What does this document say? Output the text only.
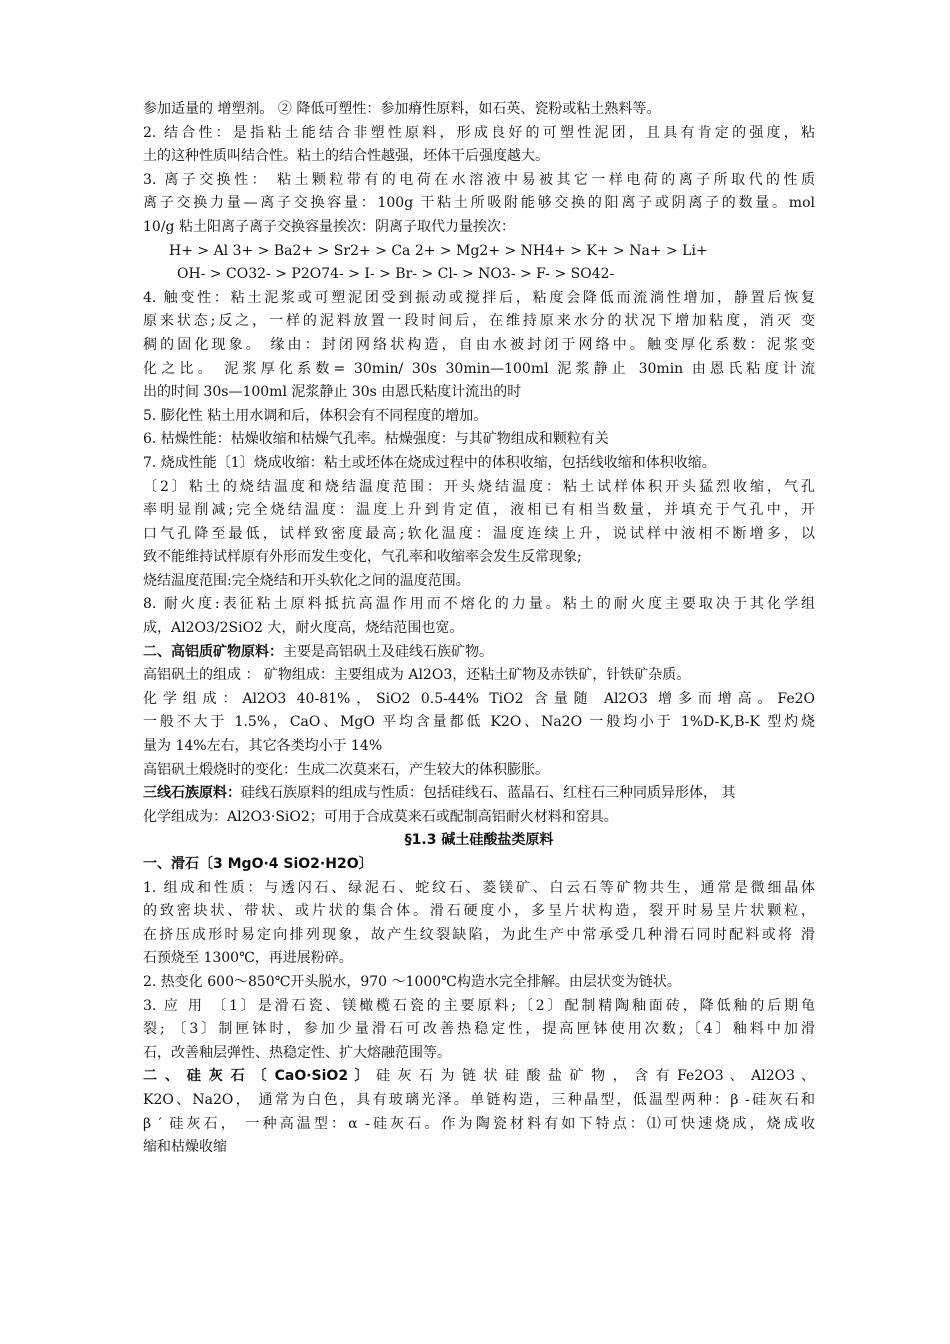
参加适量的 增塑剂。 ② 降低可塑性：参加瘠性原料，如石英、瓷粉或粘土熟料等。

2. 结合性：是指粘土能结合非塑性原料，形成良好的可塑性泥团，且具有肯定的强度，粘

土的这种性质叫结合性。粘土的结合性越强，坯体干后强度越大。

3. 离子交换性： 粘土颗粒带有的电荷在水溶液中易被其它一样电荷的离子所取代的性质

离子交换力量—离子交换容量：100g 干粘土所吸附能够交换的阳离子或阴离子的数量。mol

10/g 粘土阳离子离子交换容量挨次：阴离子取代力量挨次：

H+ > Al 3+ > Ba2+ > Sr2+ > Ca 2+ > Mg2+ > NH4+ > K+ > Na+ > Li+

OH- > CO32- > P2O74- > I- > Br- > Cl- > NO3- > F- > SO42-

4. 触变性：粘土泥浆或可塑泥团受到振动或搅拌后，粘度会降低而流淌性增加，静置后恢复

原来状态;反之，一样的泥料放置一段时间后，在维持原来水分的状况下增加粘度，消灭 变

稠的固化现象。 缘由：封闭网络状构造，自由水被封闭于网络中。触变厚化系数：泥浆变

化之比。 泥浆厚化系数= 30min/ 30s 30min—100ml 泥浆静止 30min 由恩氏粘度计流

出的时间 30s—100ml 泥浆静止 30s 由恩氏粘度计流出的时

5. 膨化性 粘土用水调和后，体积会有不同程度的增加。

6. 枯燥性能：枯燥收缩和枯燥气孔率。枯燥强度：与其矿物组成和颗粒有关

7. 烧成性能〔1〕烧成收缩：粘土或坯体在烧成过程中的体积收缩，包括线收缩和体积收缩。

〔2〕粘土的烧结温度和烧结温度范围：开头烧结温度：粘土试样体积开头猛烈收缩，气孔

率明显削减;完全烧结温度：温度上升到肯定值，液相已有相当数量，并填充于气孔中，开

口气孔降至最低，试样致密度最高;软化温度：温度连续上升，说试样中液相不断增多，以

致不能维持试样原有外形而发生变化，气孔率和收缩率会发生反常现象;

烧结温度范围:完全烧结和开头软化之间的温度范围。

8. 耐火度:表征粘土原料抵抗高温作用而不熔化的力量。粘土的耐火度主要取决于其化学组

成，Al2O3/2SiO2 大，耐火度高，烧结范围也宽。

二、高铝质矿物原料：主要是高铝矾土及硅线石族矿物。

高铝矾土的组成 ： 矿物组成：主要组成为 Al2O3，还粘土矿物及赤铁矿，针铁矿杂质。

化学组成：Al2O3 40-81%，SiO2 0.5-44% TiO2 含量随 Al2O3 增多而增高。Fe2O

一般不大于 1.5%，CaO、MgO 平均含量都低 K2O、Na2O 一般均小于 1%D-K,B-K 型灼烧

量为 14%左右，其它各类均小于 14%

高铝矾土煅烧时的变化：生成二次莫来石，产生较大的体积膨胀。

三线石族原料：硅线石族原料的组成与性质：包括硅线石、蓝晶石、红柱石三种同质异形体， 其

化学组成为：Al2O3·SiO2；可用于合成莫来石或配制高铝耐火材料和窑具。

§1.3 碱土硅酸盐类原料

一、滑石〔3 MgO·4 SiO2·H2O〕

1. 组成和性质：与透闪石、绿泥石、蛇纹石、菱镁矿、白云石等矿物共生，通常是微细晶体

的致密块状、带状、或片状的集合体。滑石硬度小，多呈片状构造，裂开时易呈片状颗粒，

在挤压成形时易定向排列现象，故产生纹裂缺陷，为此生产中常承受几种滑石同时配料或将 滑

石预烧至 1300℃，再进展粉碎。

2. 热变化 600～850℃开头脱水，970 ～1000℃构造水完全排解。由层状变为链状。

3. 应 用 〔1〕是滑石瓷、镁橄榄石瓷的主要原料;〔2〕配制精陶釉面砖，降低釉的后期龟

裂; 〔3〕制匣钵时，参加少量滑石可改善热稳定性，提高匣钵使用次数;〔4〕釉料中加滑

石，改善釉层弹性、热稳定性、扩大熔融范围等。

二 、 硅 灰 石 〔 CaO·SiO2 〕 硅 灰 石 为 链 状 硅 酸 盐 矿 物 ， 含 有 Fe2O3 、 Al2O3 、

K2O、Na2O， 通常为白色，具有玻璃光泽。单链构造，三种晶型，低温型两种：β -硅灰石和

β ′ 硅灰石， 一种高温型：α -硅灰石。作为陶瓷材料有如下特点：⑴可快速烧成，烧成收

缩和枯燥收缩
